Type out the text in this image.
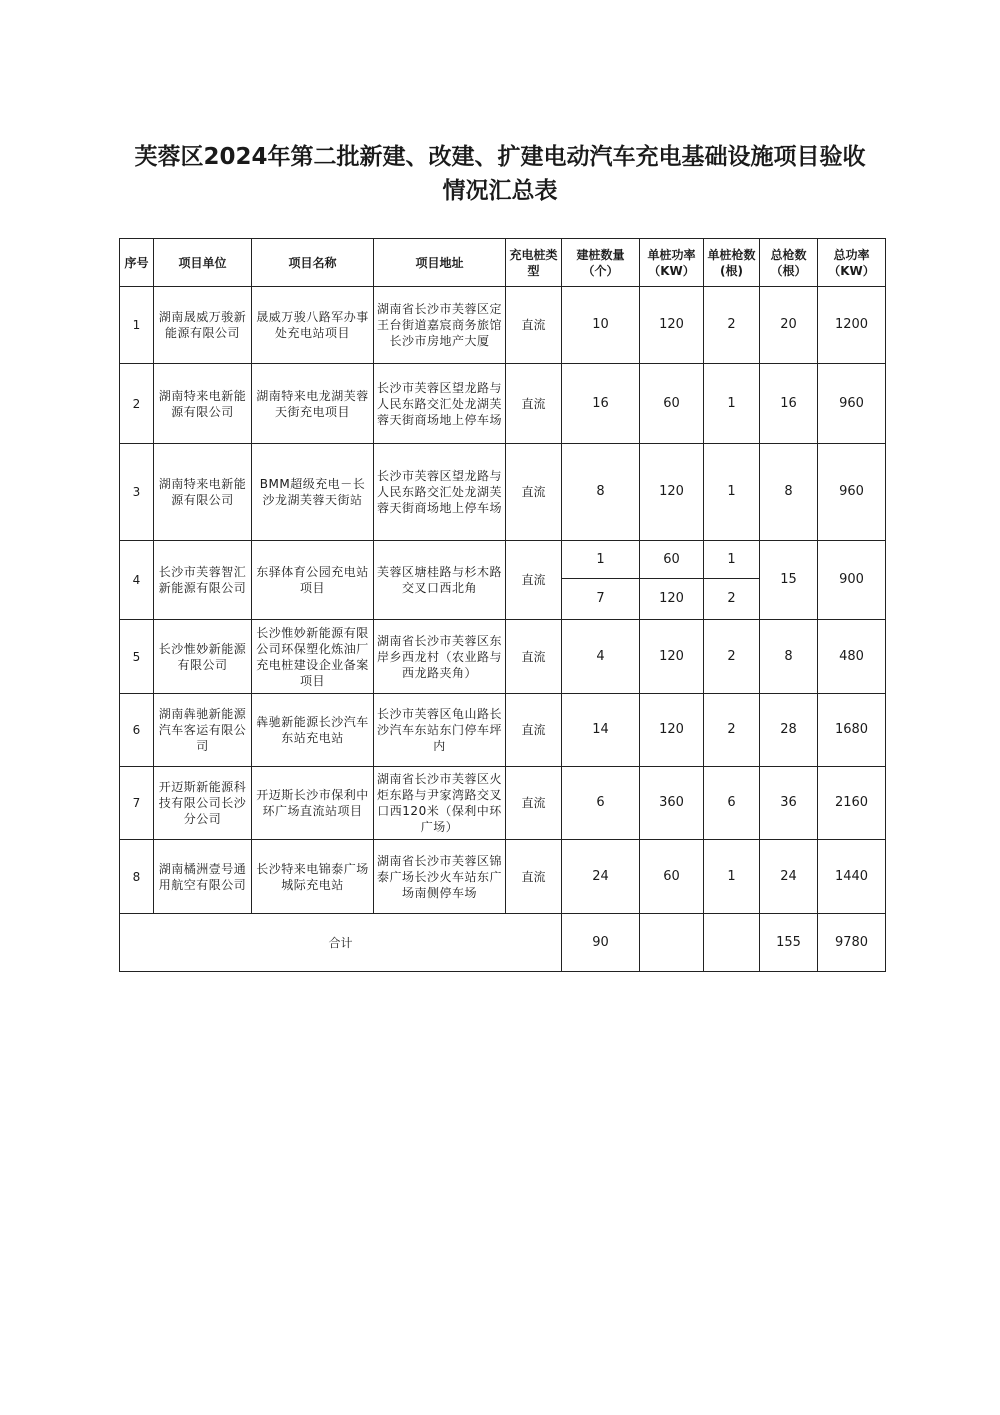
芙蓉区2024年第二批新建、改建、扩建电动汽车充电基础设施项目验收
情况汇总表
序号	项目单位	项目名称	项目地址	充电桩类型	建桩数量（个）	单桩功率（KW）	单桩枪数(根)	总枪数（根）	总功率（KW）
1	湖南晟威万骏新能源有限公司	晟威万骏八路军办事处充电站项目	湖南省长沙市芙蓉区定王台街道嘉宸商务旅馆长沙市房地产大厦	直流	10	120	2	20	1200
2	湖南特来电新能源有限公司	湖南特来电龙湖芙蓉天街充电项目	长沙市芙蓉区望龙路与人民东路交汇处龙湖芙蓉天街商场地上停车场	直流	16	60	1	16	960
3	湖南特来电新能源有限公司	BMM超级充电－长沙龙湖芙蓉天街站	长沙市芙蓉区望龙路与人民东路交汇处龙湖芙蓉天街商场地上停车场	直流	8	120	1	8	960
4	长沙市芙蓉智汇新能源有限公司	东驿体育公园充电站项目	芙蓉区塘桂路与杉木路交叉口西北角	直流	1	60	1	15	900
					7	120	2		
5	长沙惟妙新能源有限公司	长沙惟妙新能源有限公司环保塑化炼油厂充电桩建设企业备案项目	湖南省长沙市芙蓉区东岸乡西龙村（农业路与西龙路夹角）	直流	4	120	2	8	480
6	湖南犇驰新能源汽车客运有限公司	犇驰新能源长沙汽车东站充电站	长沙市芙蓉区龟山路长沙汽车东站东门停车坪内	直流	14	120	2	28	1680
7	开迈斯新能源科技有限公司长沙分公司	开迈斯长沙市保利中环广场直流站项目	湖南省长沙市芙蓉区火炬东路与尹家湾路交叉口西120米（保利中环广场）	直流	6	360	6	36	2160
8	湖南橘洲壹号通用航空有限公司	长沙特来电锦泰广场城际充电站	湖南省长沙市芙蓉区锦泰广场长沙火车站东广场南侧停车场	直流	24	60	1	24	1440
合计					90			155	9780
